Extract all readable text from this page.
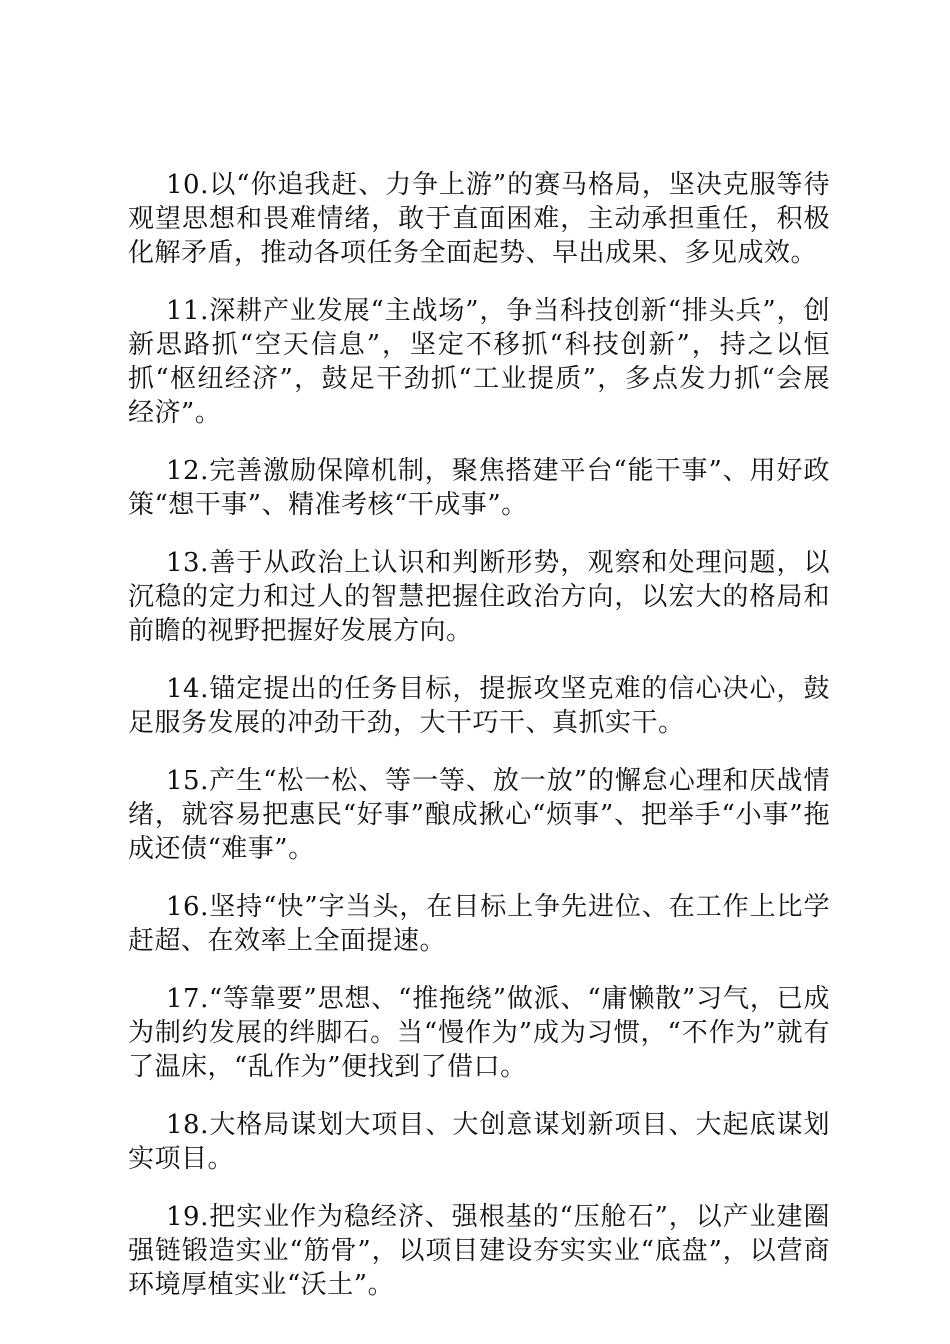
10.以“你追我赶、力争上游”的赛马格局，坚决克服等待观望思想和畏难情绪，敢于直面困难，主动承担重任，积极化解矛盾，推动各项任务全面起势、早出成果、多见成效。

11.深耕产业发展“主战场”，争当科技创新“排头兵”，创新思路抓“空天信息”，坚定不移抓“科技创新”，持之以恒抓“枢纽经济”，鼓足干劲抓“工业提质”，多点发力抓“会展经济”。

12.完善激励保障机制，聚焦搭建平台“能干事”、用好政策“想干事”、精准考核“干成事”。

13.善于从政治上认识和判断形势，观察和处理问题，以沉稳的定力和过人的智慧把握住政治方向，以宏大的格局和前瞻的视野把握好发展方向。

14.锚定提出的任务目标，提振攻坚克难的信心决心，鼓足服务发展的冲劲干劲，大干巧干、真抓实干。

15.产生“松一松、等一等、放一放”的懈怠心理和厌战情绪，就容易把惠民“好事”酿成揪心“烦事”、把举手“小事”拖成还债“难事”。

16.坚持“快”字当头，在目标上争先进位、在工作上比学赶超、在效率上全面提速。

17.“等靠要”思想、“推拖绕”做派、“庸懒散”习气，已成为制约发展的绊脚石。当“慢作为”成为习惯，“不作为”就有了温床，“乱作为”便找到了借口。

18.大格局谋划大项目、大创意谋划新项目、大起底谋划实项目。

19.把实业作为稳经济、强根基的“压舱石”，以产业建圈强链锻造实业“筋骨”，以项目建设夯实实业“底盘”，以营商环境厚植实业“沃土”。
